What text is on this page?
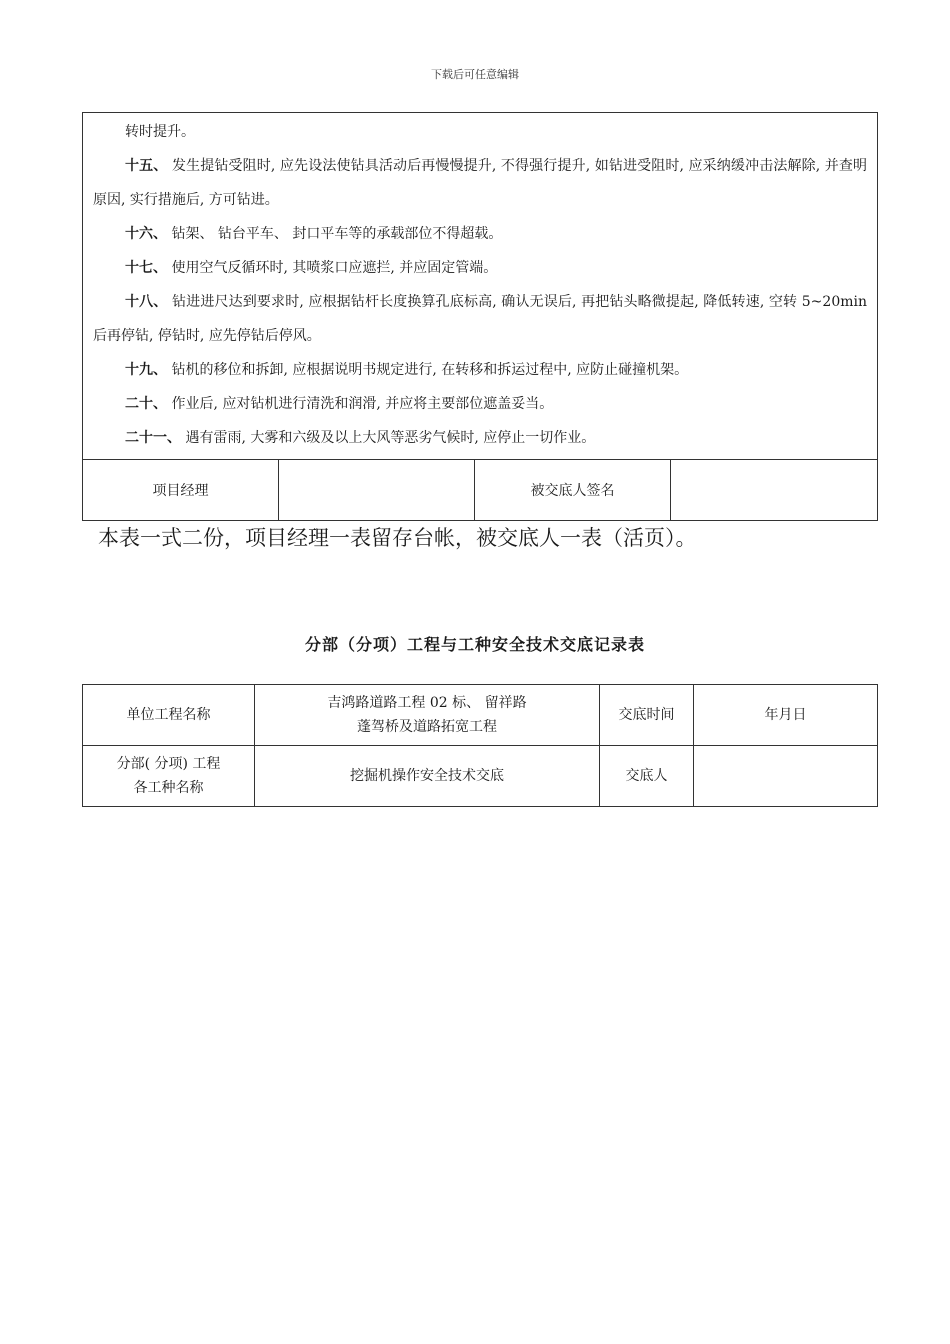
下载后可任意编辑
转时提升。
十五、 发生提钻受阻时, 应先设法使钻具活动后再慢慢提升, 不得强行提升, 如钻进受阻时, 应采纳缓冲击法解除, 并查明原因, 实行措施后, 方可钻进。
十六、 钻架、 钻台平车、 封口平车等的承载部位不得超载。
十七、 使用空气反循环时, 其喷浆口应遮拦, 并应固定管端。
十八、 钻进进尺达到要求时, 应根据钻杆长度换算孔底标高, 确认无误后, 再把钻头略微提起, 降低转速, 空转 5~20min 后再停钻, 停钻时, 应先停钻后停风。
十九、 钻机的移位和拆卸, 应根据说明书规定进行, 在转移和拆运过程中, 应防止碰撞机架。
二十、 作业后, 应对钻机进行清洗和润滑, 并应将主要部位遮盖妥当。
二十一、 遇有雷雨, 大雾和六级及以上大风等恶劣气候时, 应停止一切作业。

项目经理		被交底人签名	
本表一式二份，项目经理一表留存台帐，被交底人一表（活页）。
分部（分项）工程与工种安全技术交底记录表
单位工程名称	吉鸿路道路工程 02 标、 留祥路
蓬驾桥及道路拓宽工程	交底时间	年月日

分部( 分项) 工程
各工种名称	挖掘机操作安全技术交底	交底人	
